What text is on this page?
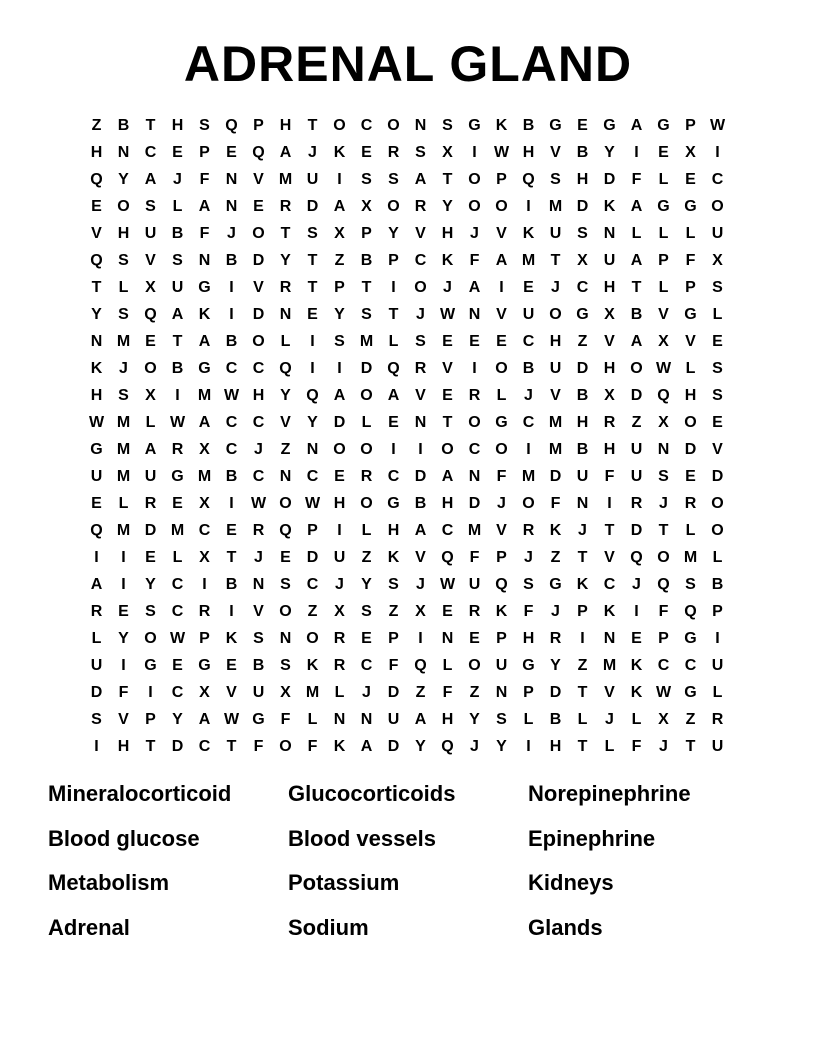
ADRENAL GLAND
Z	B	T	H S Q P H	T O C O N S G K B G E G A G P W
H N C E	P	E Q A	J	K E R S	X	I	W H V B Y	I	E	X	I
Q Y A	J	F	N V M U	I	S	S A	T O P Q S H D	F	L	E C
E O S	L	A N E R D A X O R Y O O	I	M D K A G G O
V H U B	F	J	O T	S	X	P	Y	V H	J	V K U S N	L	L	L	U
Q S	V	S N B D Y	T	Z	B P C K	F	A M T	X U A P	F	X
T	L	X U G	I	V R	T	P	T	I	O	J	A	I	E	J	C H	T	L	P	S
Y	S Q A K	I	D N E	Y	S	T	J W N V U O G X B V G L
N M E	T	A B O L	I	S M L	S	E	E	E C H	Z	V A X	V	E
K	J	O B G C C Q	I	I	D Q R V	I	O B U D H O W L	S
H S	X	I	M W H Y Q A O A V	E R	L	J	V B X D Q H S
W M L W A C C V	Y D	L	E N	T O G C M H R	Z	X O E
G M A R X C	J	Z	N O O	I	I	O C O	I	M B H U N D V
U M U G M B C N C E R C D A N	F M D U	F	U S	E D
E	L	R E	X	I	W O W H O G B H D	J	O F	N	I	R	J	R O
Q M D M C E R Q P	I	L	H A C M V R K	J	T	D	T	L O
I	I	E	L	X	T	J	E D U	Z	K V Q F	P	J	Z	T	V Q O M L
A	I	Y C	I	B N S C	J	Y	S	J W U Q S G K C	J	Q S B
R E	S C R	I	V O Z	X	S	Z	X	E R K	F	J	P K	I	F Q P
L	Y O W P K S N O R E	P	I	N E	P H R	I	N E	P G	I
U	I	G E G E B S K R C	F Q L O U G Y	Z M K C C U
D	F	I	C X	V U X M L	J	D	Z	F	Z	N P D	T	V K W G L
S	V	P	Y A W G F	L	N N U A H Y	S	L	B	L	J	L	X	Z	R
I	H	T	D C	T	F O F	K A D Y Q	J	Y	I	H	T	L	F	J	T	U
Mineralocorticoid	Glucocorticoids	Norepinephrine
Blood glucose	Blood vessels	Epinephrine
Metabolism	Potassium	Kidneys
Adrenal	Sodium	Glands
